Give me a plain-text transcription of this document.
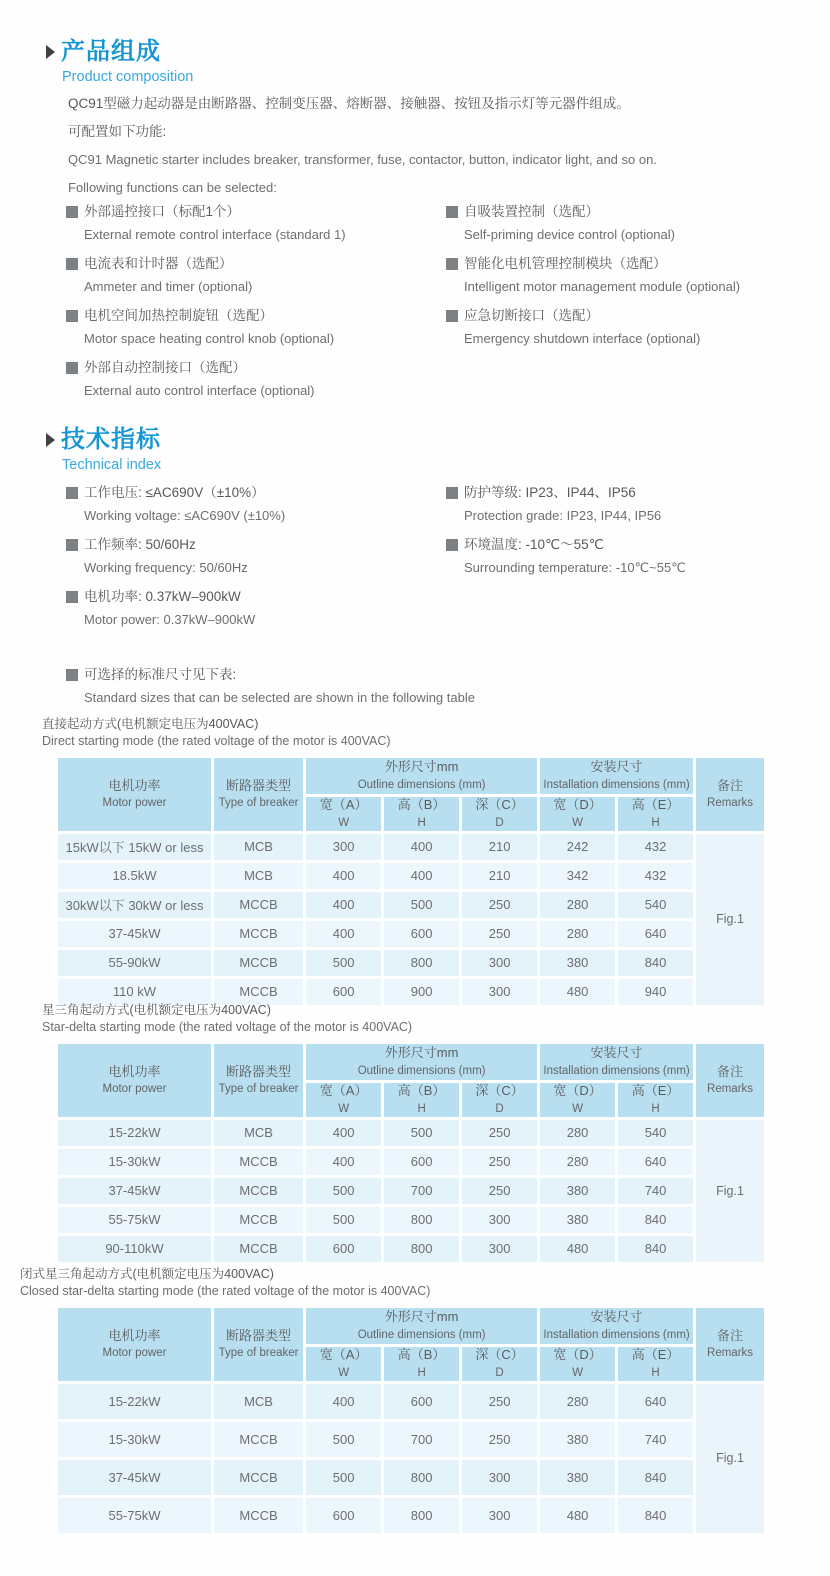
产品组成
Product composition
QC91型磁力起动器是由断路器、控制变压器、熔断器、接触器、按钮及指示灯等元器件组成。
可配置如下功能:
QC91 Magnetic starter includes breaker, transformer, fuse, contactor, button, indicator light, and so on.
Following functions can be selected:
外部遥控接口（标配1个）
External remote control interface (standard 1)
电流表和计时器（选配）
Ammeter and timer (optional)
电机空间加热控制旋钮（选配）
Motor space heating control knob (optional)
外部自动控制接口（选配）
External auto control interface (optional)
自吸装置控制（选配）
Self-priming device control (optional)
智能化电机管理控制模块（选配）
Intelligent motor management module (optional)
应急切断接口（选配）
Emergency shutdown interface (optional)
技术指标
Technical index
工作电压: ≤AC690V（±10%）
Working voltage: ≤AC690V (±10%)
工作频率: 50/60Hz
Working frequency: 50/60Hz
电机功率: 0.37kW–900kW
Motor power: 0.37kW–900kW
防护等级: IP23、IP44、IP56
Protection grade: IP23, IP44, IP56
环境温度: -10℃～55℃
Surrounding temperature: -10℃~55℃
可选择的标准尺寸见下表:
Standard sizes that can be selected are shown in the following table
直接起动方式(电机额定电压为400VAC)
Direct starting mode (the rated voltage of the motor is 400VAC)
电机功率
Motor power	断路器类型
Type of breaker	外形尺寸mm
Outline dimensions (mm)			安装尺寸
Installation dimensions (mm)		备注
Remarks
		宽（A）
W	高（B）
H	深（C）
D	宽（D）
W	高（E）
H	
15kW以下 15kW or less	MCB	300	400	210	242	432	Fig.1
18.5kW	MCB	400	400	210	342	432	
30kW以下 30kW or less	MCCB	400	500	250	280	540	
37-45kW	MCCB	400	600	250	280	640	
55-90kW	MCCB	500	800	300	380	840	
110 kW	MCCB	600	900	300	480	940	
星三角起动方式(电机额定电压为400VAC)
Star-delta starting mode (the rated voltage of the motor is 400VAC)
电机功率
Motor power	断路器类型
Type of breaker	外形尺寸mm
Outline dimensions (mm)			安装尺寸
Installation dimensions (mm)		备注
Remarks
		宽（A）
W	高（B）
H	深（C）
D	宽（D）
W	高（E）
H	
15-22kW	MCB	400	500	250	280	540	Fig.1
15-30kW	MCCB	400	600	250	280	640	
37-45kW	MCCB	500	700	250	380	740	
55-75kW	MCCB	500	800	300	380	840	
90-110kW	MCCB	600	800	300	480	840	
闭式星三角起动方式(电机额定电压为400VAC)
Closed star-delta starting mode (the rated voltage of the motor is 400VAC)
电机功率
Motor power	断路器类型
Type of breaker	外形尺寸mm
Outline dimensions (mm)			安装尺寸
Installation dimensions (mm)		备注
Remarks
		宽（A）
W	高（B）
H	深（C）
D	宽（D）
W	高（E）
H	
15-22kW	MCB	400	600	250	280	640	Fig.1
15-30kW	MCCB	500	700	250	380	740	
37-45kW	MCCB	500	800	300	380	840	
55-75kW	MCCB	600	800	300	480	840	
